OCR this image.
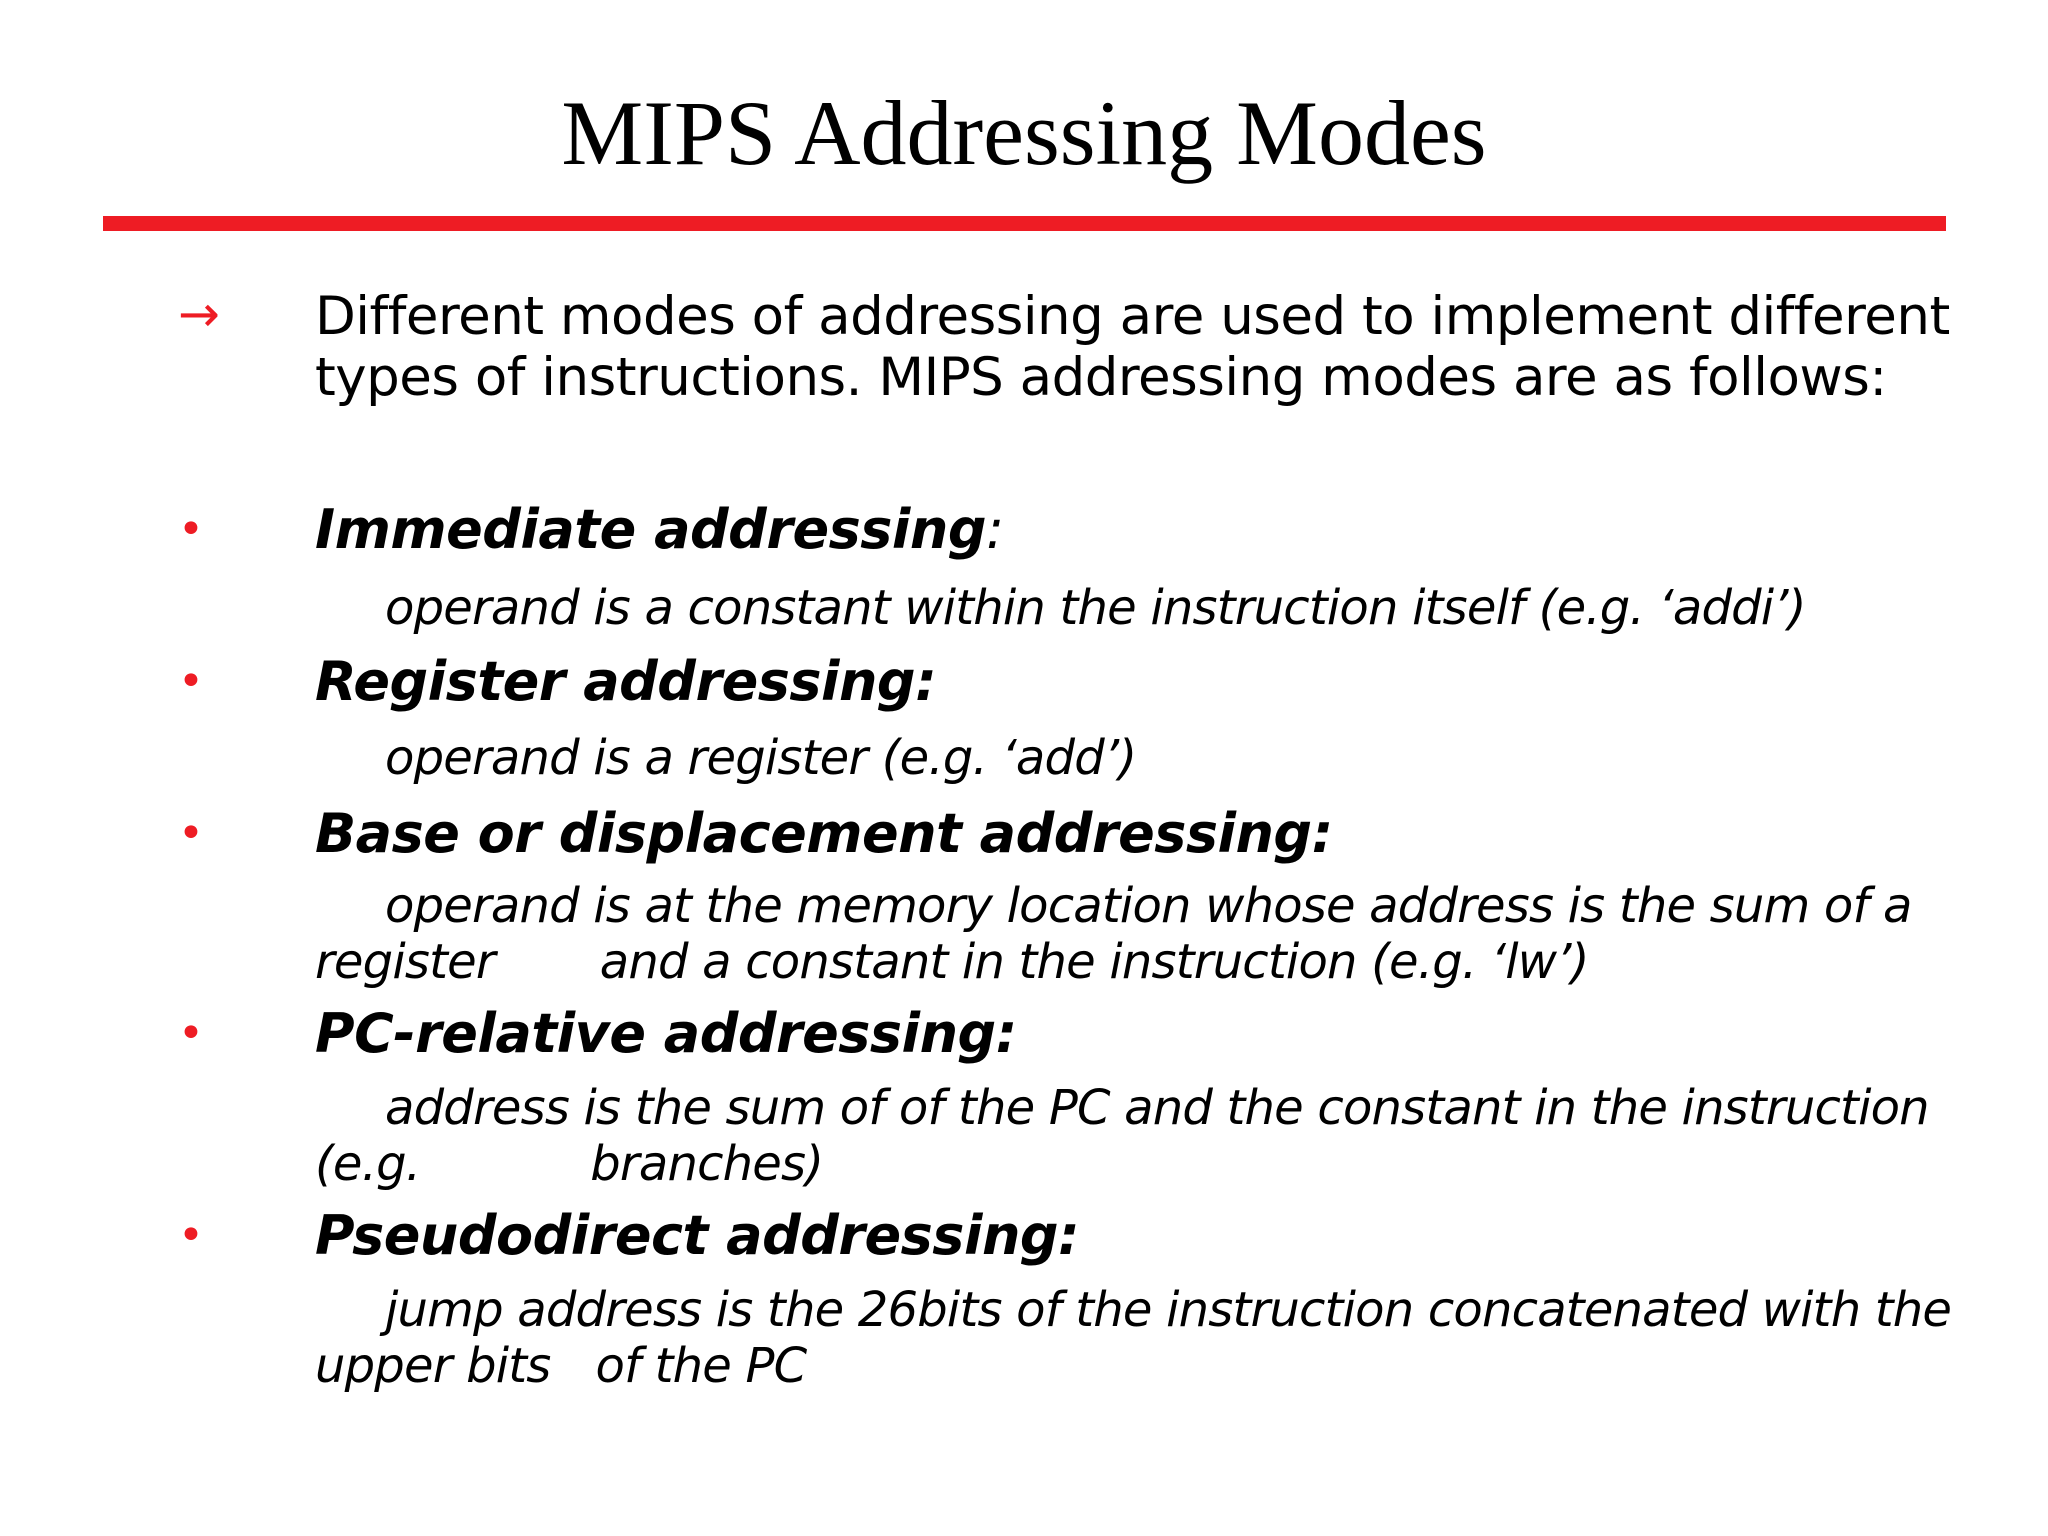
MIPS Addressing Modes
→ Different modes of addressing are used to implement different types of instructions. MIPS addressing modes are as follows:

• Immediate addressing:

operand is a constant within the instruction itself (e.g. ‘addi’)

• Register addressing:

operand is a register (e.g. ‘add’)

• Base or displacement addressing:

operand is at the memory location whose address is the sum of a
register and a constant in the instruction (e.g. ‘lw’)

• PC-relative addressing:

address is the sum of of the PC and the constant in the instruction
(e.g.	branches)

• Pseudodirect addressing:

jump address is the 26bits of the instruction concatenated with the
upper bits of the PC
